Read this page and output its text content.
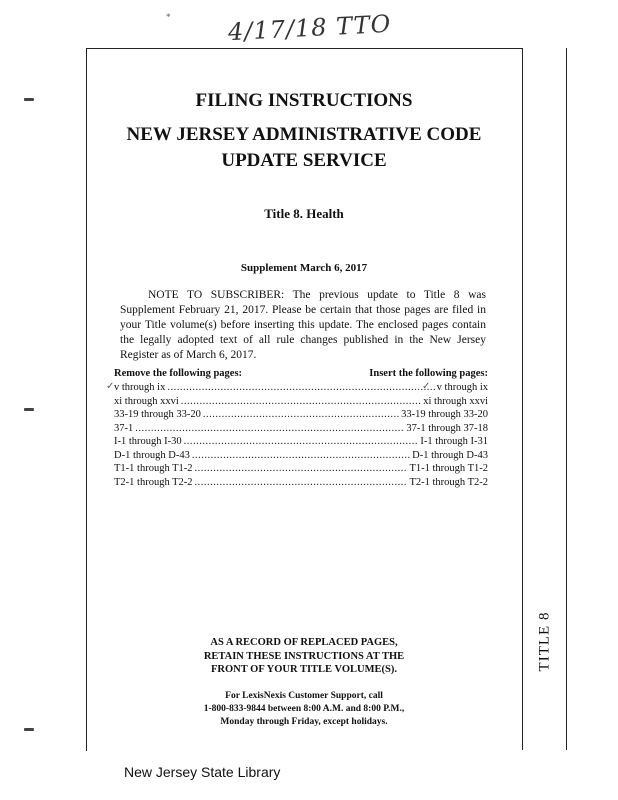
* 4/17/18 TTO
TITLE 8
FILING INSTRUCTIONS
NEW JERSEY ADMINISTRATIVE CODE
UPDATE SERVICE
Title 8. Health
Supplement March 6, 2017
NOTE TO SUBSCRIBER: The previous update to Title 8 was Supplement February 21, 2017. Please be certain that those pages are filed in your Title volume(s) before inserting this update. The enclosed pages contain the legally adopted text of all rule changes published in the New Jersey Register as of March 6, 2017.
Remove the following pages:	Insert the following pages:
v through ix .....	v through ix
xi through xxvi .....	xi through xxvi
33-19 through 33-20 .....	33-19 through 33-20
37-1 .....	37-1 through 37-18
I-1 through I-30 .....	I-1 through I-31
D-1 through D-43 .....	D-1 through D-43
T1-1 through T1-2 .....	T1-1 through T1-2
T2-1 through T2-2 .....	T2-1 through T2-2
✓	✓
AS A RECORD OF REPLACED PAGES,
RETAIN THESE INSTRUCTIONS AT THE
FRONT OF YOUR TITLE VOLUME(S).
For LexisNexis Customer Support, call
1-800-833-9844 between 8:00 A.M. and 8:00 P.M.,
Monday through Friday, except holidays.
New Jersey State Library
